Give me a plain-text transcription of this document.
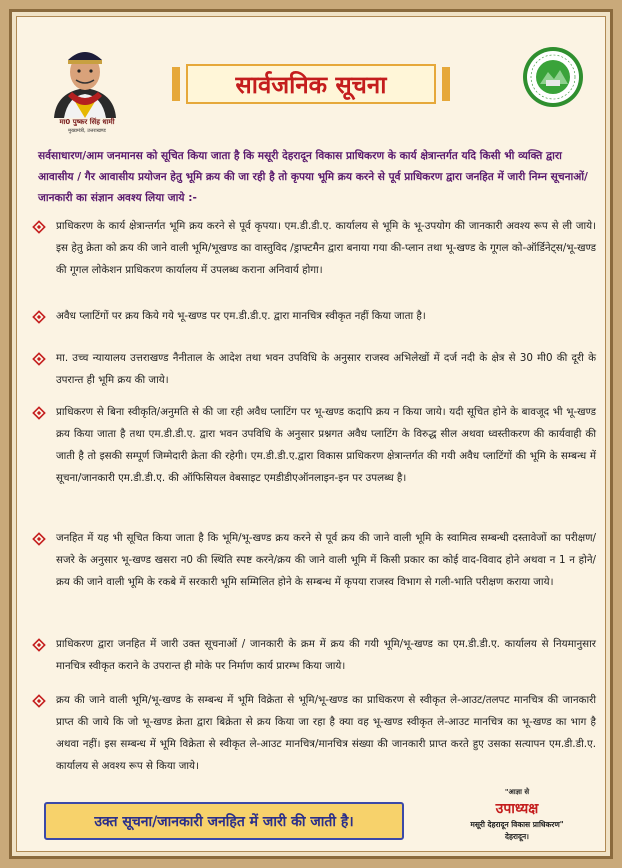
मा0 पुष्कर सिंह धामी
मुख्यमंत्री, उत्तराखण्ड
सार्वजनिक सूचना
सर्वसाधारण/आम जनमानस को सूचित किया जाता है कि मसूरी देहरादून विकास प्राधिकरण के कार्य क्षेत्रान्तर्गत यदि किसी भी व्यक्ति द्वारा आवासीय / गैर आवासीय प्रयोजन हेतु भूमि क्रय की जा रही है तो कृपया भूमि क्रय करने से पूर्व प्राधिकरण द्वारा जनहित में जारी निम्न सूचनाओं/जानकारी का संज्ञान अवश्य लिया जाये :-
प्राधिकरण के कार्य क्षेत्रान्तर्गत भूमि क्रय करने से पूर्व कृपया। एम.डी.डी.ए. कार्यालय से भूमि के भू-उपयोग की जानकारी अवश्य रूप से ली जाये। इस हेतु क्रेता को क्रय की जाने वाली भूमि/भूखण्ड का वास्तुविद /ड्राफ्टमैन द्वारा बनाया गया की-प्लान तथा भू-खण्ड के गूगल को-ऑर्डिनेट्स/भू-खण्ड की गूगल लोकेशन प्राधिकरण कार्यालय में उपलब्ध कराना अनिवार्य होगा।
अवैध प्लाटिंगों पर क्रय किये गये भू-खण्ड पर एम.डी.डी.ए. द्वारा मानचित्र स्वीकृत नहीं किया जाता है।
मा. उच्च न्यायालय उत्तराखण्ड नैनीताल के आदेश तथा भवन उपविधि के अनुसार राजस्व अभिलेखों में दर्ज नदी के क्षेत्र से 30 मी0 की दूरी के उपरान्त ही भूमि क्रय की जाये।
प्राधिकरण से बिना स्वीकृति/अनुमति से की जा रही अवैध प्लाटिंग पर भू-खण्ड कदापि क्रय न किया जाये। यदी सूचित होने के बावजूद भी भू-खण्ड क्रय किया जाता है तथा एम.डी.डी.ए. द्वारा भवन उपविधि के अनुसार प्रश्नगत अवैध प्लाटिंग के विरुद्ध सील अथवा ध्वस्तीकरण की कार्यवाही की जाती है तो इसकी सम्पूर्ण जिम्मेदारी क्रेता की रहेगी। एम.डी.डी.ए.द्वारा विकास प्राधिकरण क्षेत्रान्तर्गत की गयी अवैध प्लाटिंगों की भूमि के सम्बन्ध में सूचना/जानकारी एम.डी.डी.ए. की ऑफिसियल वेबसाइट एमडीडीएऑनलाइन-इन पर उपलब्ध है।
जनहित में यह भी सूचित किया जाता है कि भूमि/भू-खण्ड क्रय करने से पूर्व क्रय की जाने वाली भूमि के स्वामित्व सम्बन्धी दस्तावेजों का परीक्षण/सजरे के अनुसार भू-खण्ड खसरा न0 की स्थिति स्पष्ट करने/क्रय की जाने वाली भूमि में किसी प्रकार का कोई वाद-विवाद होने अथवा न 1 न होने/क्रय की जाने वाली भूमि के रकबे में सरकारी भूमि सम्मिलित होने के सम्बन्ध में कृपया राजस्व विभाग से गली-भाति परीक्षण कराया जाये।
प्राधिकरण द्वारा जनहित में जारी उक्त सूचनाओं / जानकारी के क्रम में क्रय की गयी भूमि/भू-खण्ड का एम.डी.डी.ए. कार्यालय से नियमानुसार मानचित्र स्वीकृत कराने के उपरान्त ही मोके पर निर्माण कार्य प्रारम्भ किया जाये।
क्रय की जाने वाली भूमि/भू-खण्ड के सम्बन्ध में भूमि विक्रेता से भूमि/भू-खण्ड का प्राधिकरण से स्वीकृत ले-आउट/तलपट मानचित्र की जानकारी प्राप्त की जाये कि जो भू-खण्ड क्रेता द्वारा बिक्रेता से क्रय किया जा रहा है क्या वह भू-खण्ड स्वीकृत ले-आउट मानचित्र का भू-खण्ड का भाग है अथवा नहीं। इस सम्बन्ध में भूमि विक्रेता से स्वीकृत ले-आउट मानचित्र/मानचित्र संख्या की जानकारी प्राप्त करते हुए उसका सत्यापन एम.डी.डी.ए. कार्यालय से अवश्य रूप से किया जाये।
उक्त सूचना/जानकारी जनहित में जारी की जाती है।
"आज्ञा से
उपाध्यक्ष
मसूरी देहरादून विकास प्राधिकरण"
देहरादून।
